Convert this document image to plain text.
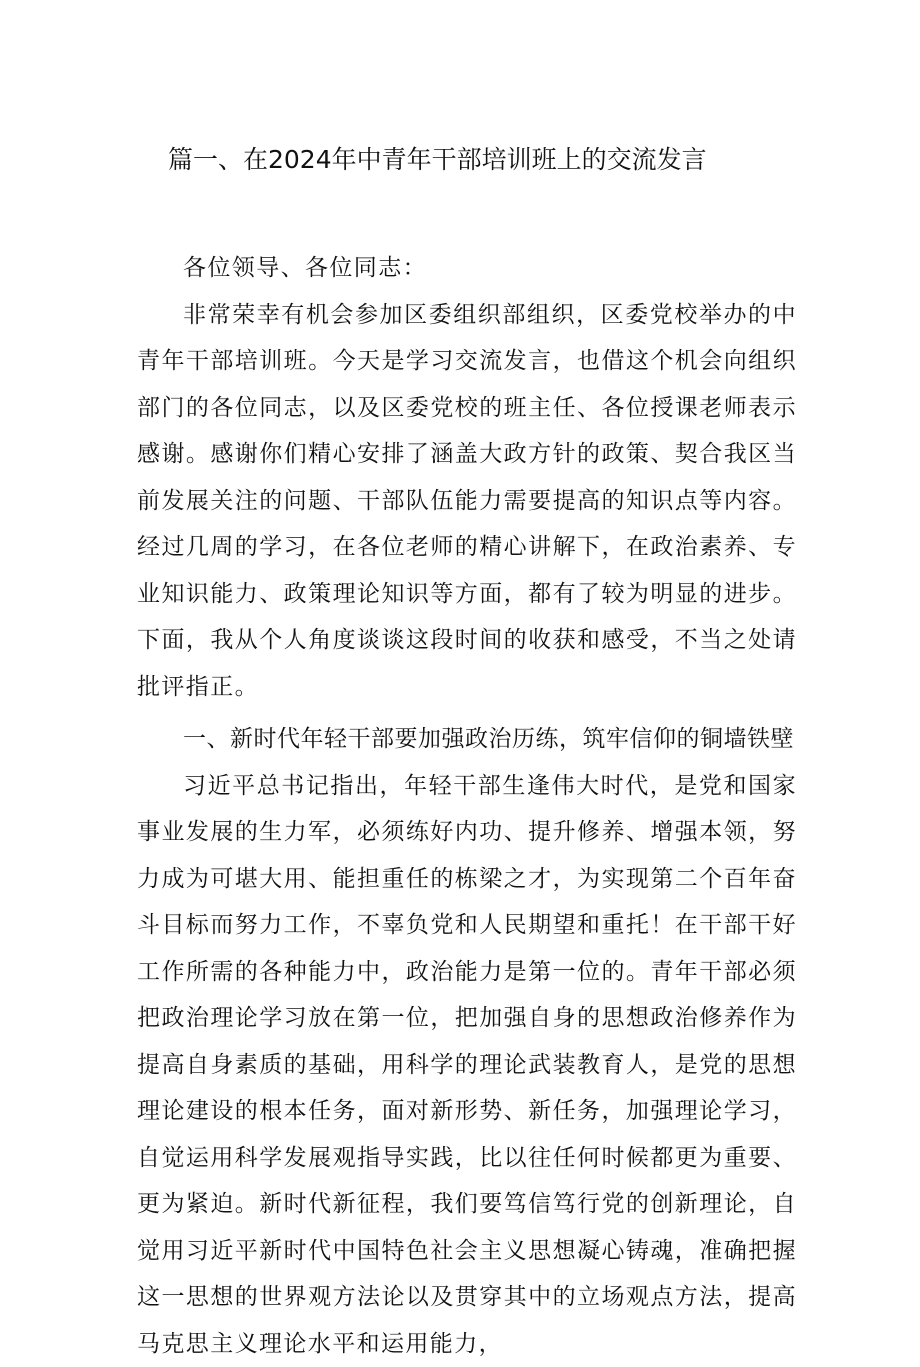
篇一、在2024年中青年干部培训班上的交流发言

各位领导、各位同志：

非常荣幸有机会参加区委组织部组织，区委党校举办的中青年干部培训班。今天是学习交流发言，也借这个机会向组织部门的各位同志，以及区委党校的班主任、各位授课老师表示感谢。感谢你们精心安排了涵盖大政方针的政策、契合我区当前发展关注的问题、干部队伍能力需要提高的知识点等内容。经过几周的学习，在各位老师的精心讲解下，在政治素养、专业知识能力、政策理论知识等方面，都有了较为明显的进步。下面，我从个人角度谈谈这段时间的收获和感受，不当之处请批评指正。

一、新时代年轻干部要加强政治历练，筑牢信仰的铜墙铁壁

习近平总书记指出，年轻干部生逢伟大时代，是党和国家事业发展的生力军，必须练好内功、提升修养、增强本领，努力成为可堪大用、能担重任的栋梁之才，为实现第二个百年奋斗目标而努力工作，不辜负党和人民期望和重托！在干部干好工作所需的各种能力中，政治能力是第一位的。青年干部必须把政治理论学习放在第一位，把加强自身的思想政治修养作为提高自身素质的基础，用科学的理论武装教育人，是党的思想理论建设的根本任务，面对新形势、新任务，加强理论学习，自觉运用科学发展观指导实践，比以往任何时候都更为重要、更为紧迫。新时代新征程，我们要笃信笃行党的创新理论，自觉用习近平新时代中国特色社会主义思想凝心铸魂，准确把握这一思想的世界观方法论以及贯穿其中的立场观点方法，提高马克思主义理论水平和运用能力，
